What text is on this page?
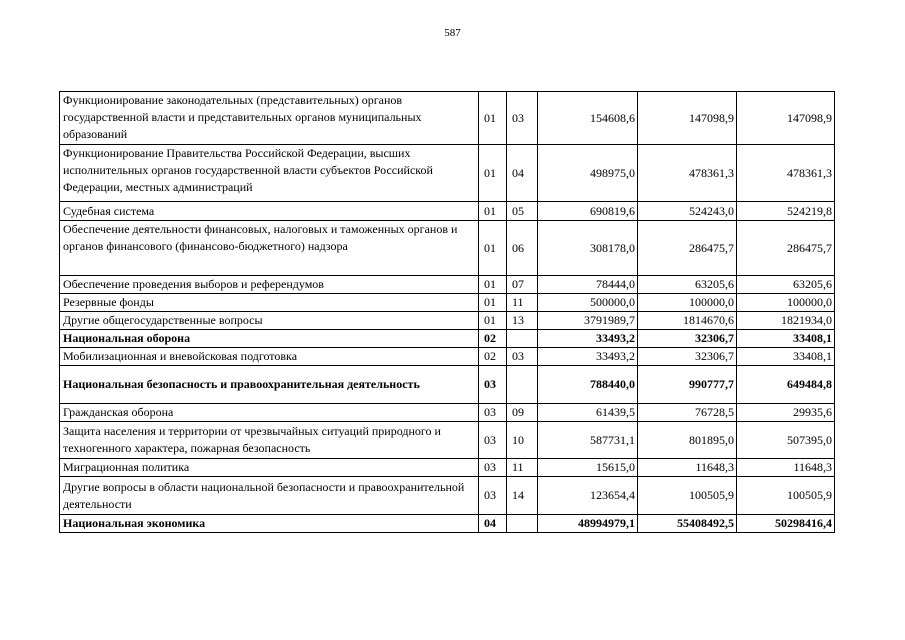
587
Функционирование законодательных (представительных) органов государственной власти и представительных органов муниципальных образований	01	03	154608,6	147098,9	147098,9
Функционирование Правительства Российской Федерации, высших исполнительных органов государственной власти субъектов Российской Федерации, местных администраций	01	04	498975,0	478361,3	478361,3
Судебная система	01	05	690819,6	524243,0	524219,8
Обеспечение деятельности финансовых, налоговых и таможенных органов и органов финансового (финансово-бюджетного) надзора	01	06	308178,0	286475,7	286475,7
Обеспечение проведения выборов и референдумов	01	07	78444,0	63205,6	63205,6
Резервные фонды	01	11	500000,0	100000,0	100000,0
Другие общегосударственные вопросы	01	13	3791989,7	1814670,6	1821934,0
Национальная оборона	02		33493,2	32306,7	33408,1
Мобилизационная и вневойсковая подготовка	02	03	33493,2	32306,7	33408,1
Национальная безопасность и правоохранительная деятельность	03		788440,0	990777,7	649484,8
Гражданская оборона	03	09	61439,5	76728,5	29935,6
Защита населения и территории от чрезвычайных ситуаций природного и техногенного характера, пожарная безопасность	03	10	587731,1	801895,0	507395,0
Миграционная политика	03	11	15615,0	11648,3	11648,3
Другие вопросы в области национальной безопасности и правоохранительной деятельности	03	14	123654,4	100505,9	100505,9
Национальная экономика	04		48994979,1	55408492,5	50298416,4
